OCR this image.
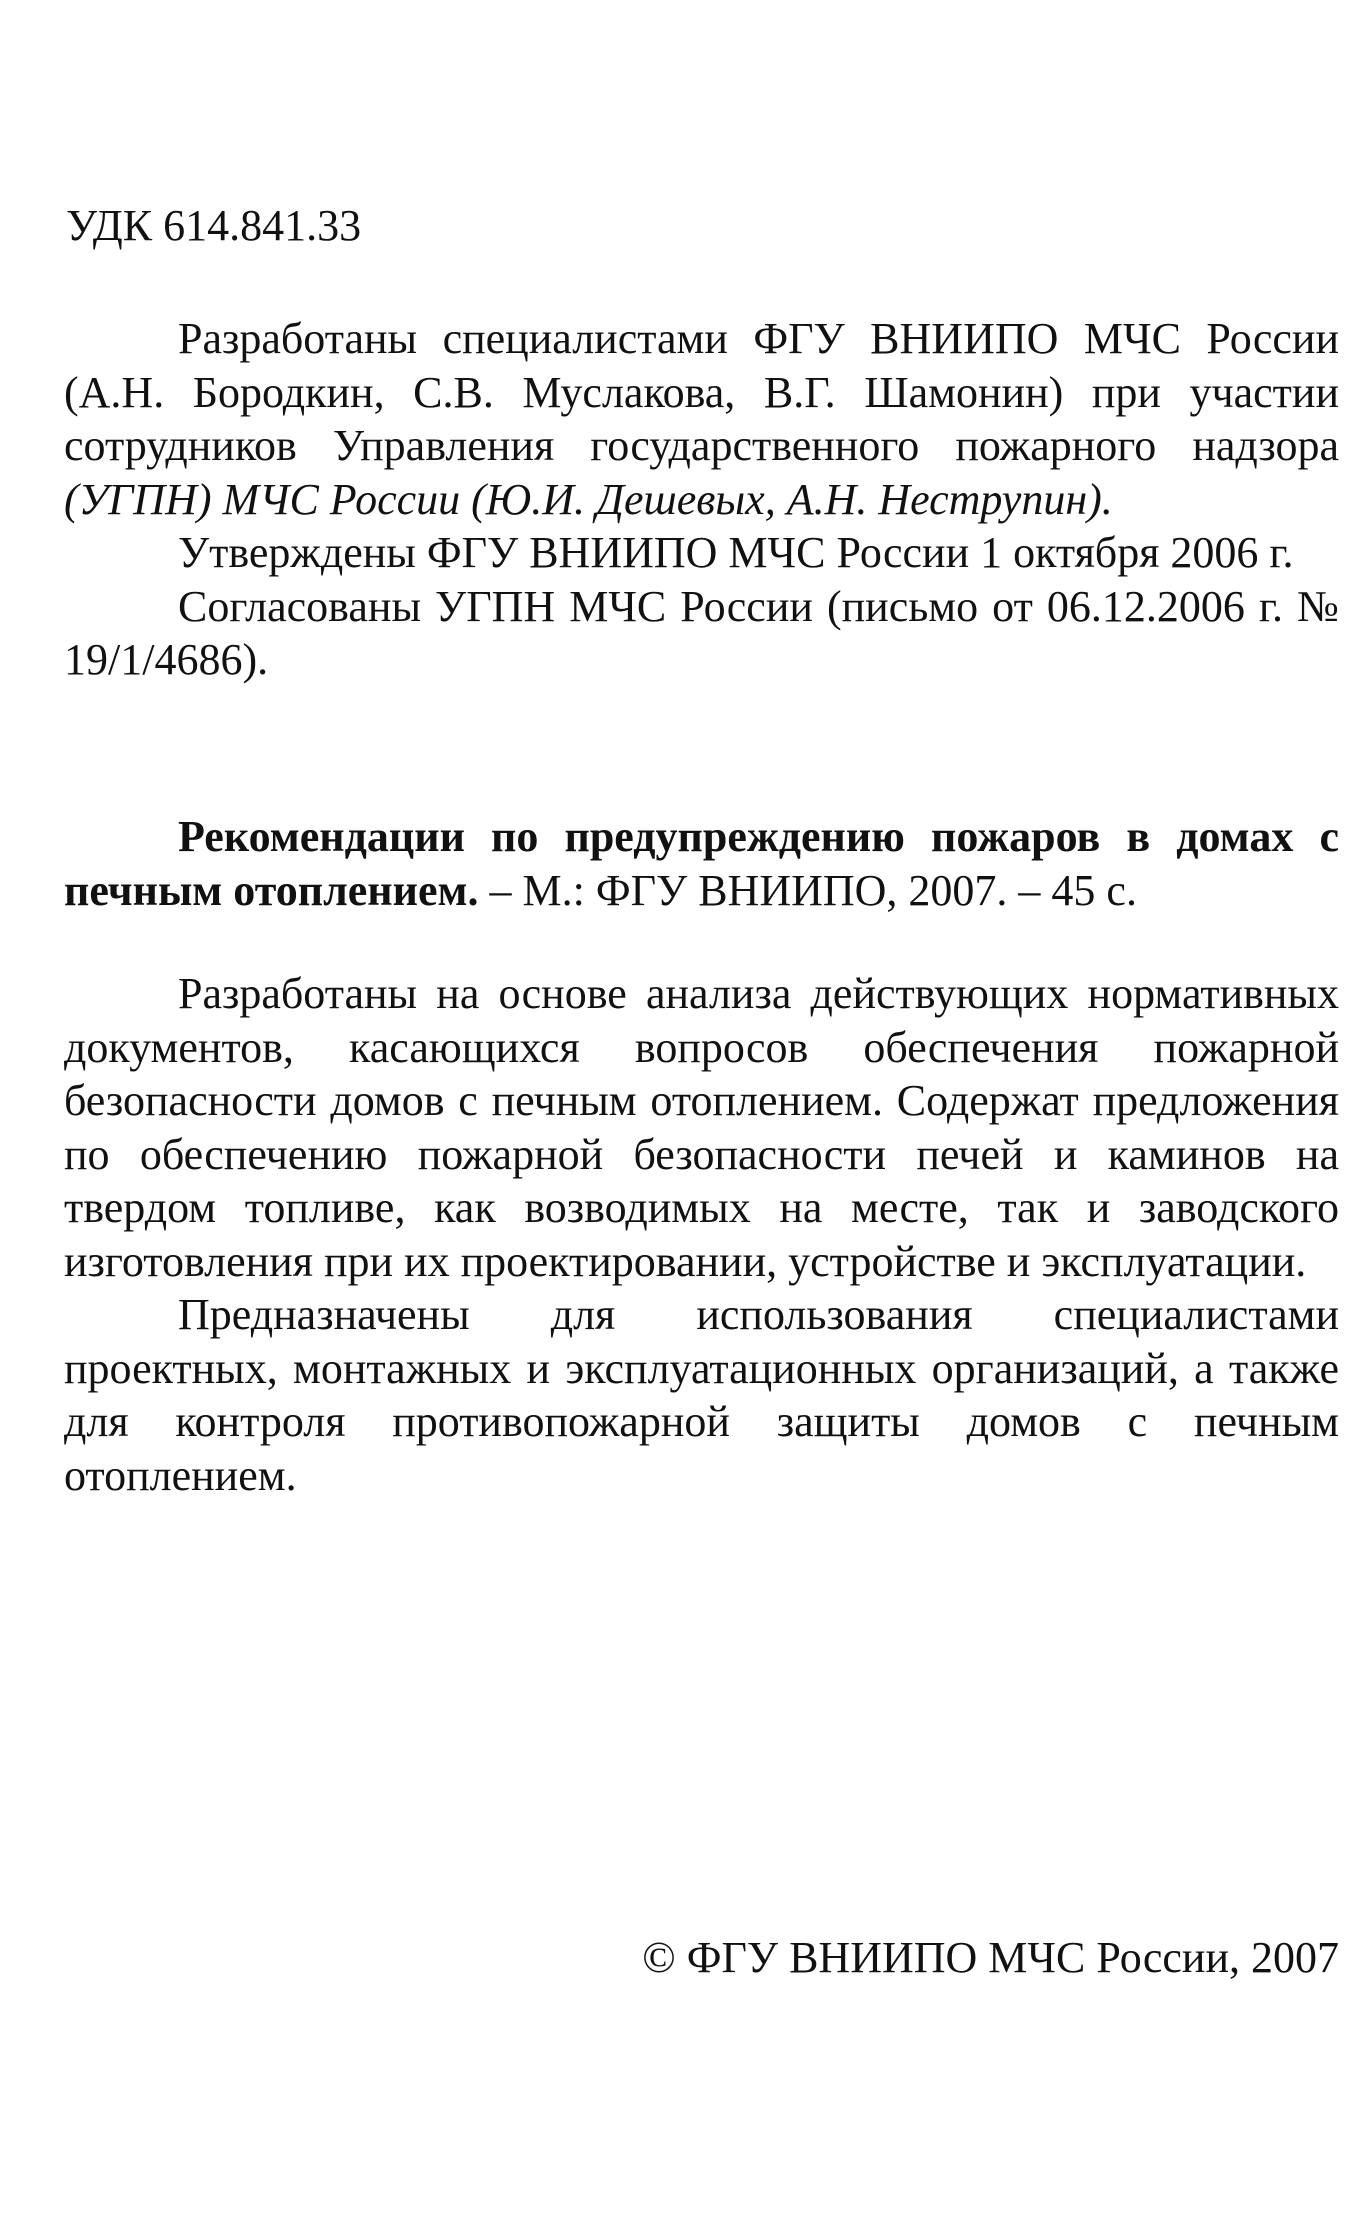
УДК 614.841.33

Разработаны специалистами ФГУ ВНИИПО МЧС России (А.Н. Бородкин, С.В. Муслакова, В.Г. Шамонин) при участии сотрудников Управления государственного пожарного надзора (УГПН) МЧС России (Ю.И. Дешевых, А.Н. Неструпин).

Утверждены ФГУ ВНИИПО МЧС России 1 октября 2006 г.

Согласованы УГПН МЧС России (письмо от 06.12.2006 г. № 19/1/4686).

Рекомендации по предупреждению пожаров в домах с печным отоплением. – М.: ФГУ ВНИИПО, 2007. – 45 с.

Разработаны на основе анализа действующих нормативных документов, касающихся вопросов обеспечения пожарной безопасности домов с печным отоплением. Содержат предложения по обеспечению пожарной безопасности печей и каминов на твердом топливе, как возводимых на месте, так и заводского изготовления при их проектировании, устройстве и эксплуатации.

Предназначены для использования специалистами проектных, монтажных и эксплуатационных организаций, а также для контроля противопожарной защиты домов с печным отоплением.

© ФГУ ВНИИПО МЧС России, 2007
